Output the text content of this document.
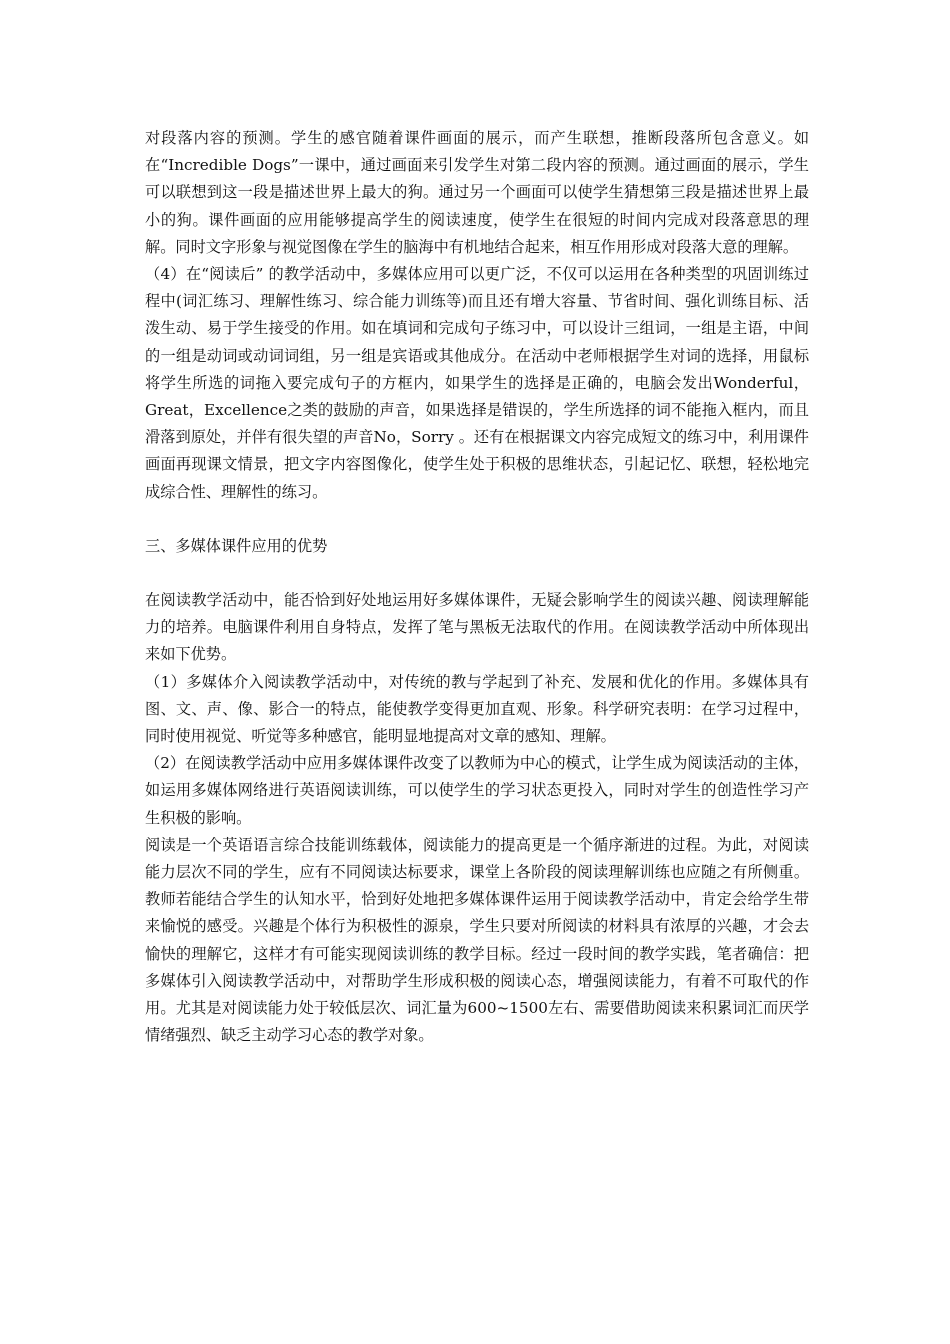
对段落内容的预测。学生的感官随着课件画面的展示，而产生联想，推断段落所包含意义。如在“Incredible Dogs”一课中，通过画面来引发学生对第二段内容的预测。通过画面的展示，学生可以联想到这一段是描述世界上最大的狗。通过另一个画面可以使学生猜想第三段是描述世界上最小的狗。课件画面的应用能够提高学生的阅读速度，使学生在很短的时间内完成对段落意思的理解。同时文字形象与视觉图像在学生的脑海中有机地结合起来，相互作用形成对段落大意的理解。

（4）在“阅读后” 的教学活动中，多媒体应用可以更广泛，不仅可以运用在各种类型的巩固训练过程中(词汇练习、理解性练习、综合能力训练等)而且还有增大容量、节省时间、强化训练目标、活泼生动、易于学生接受的作用。如在填词和完成句子练习中，可以设计三组词，一组是主语，中间的一组是动词或动词词组，另一组是宾语或其他成分。在活动中老师根据学生对词的选择，用鼠标将学生所选的词拖入要完成句子的方框内，如果学生的选择是正确的，电脑会发出Wonderful，Great，Excellence之类的鼓励的声音，如果选择是错误的，学生所选择的词不能拖入框内，而且滑落到原处，并伴有很失望的声音No，Sorry 。还有在根据课文内容完成短文的练习中，利用课件画面再现课文情景，把文字内容图像化，使学生处于积极的思维状态，引起记忆、联想，轻松地完成综合性、理解性的练习。

三、多媒体课件应用的优势

在阅读教学活动中，能否恰到好处地运用好多媒体课件，无疑会影响学生的阅读兴趣、阅读理解能力的培养。电脑课件利用自身特点，发挥了笔与黑板无法取代的作用。在阅读教学活动中所体现出来如下优势。

（1）多媒体介入阅读教学活动中，对传统的教与学起到了补充、发展和优化的作用。多媒体具有图、文、声、像、影合一的特点，能使教学变得更加直观、形象。科学研究表明：在学习过程中，同时使用视觉、听觉等多种感官，能明显地提高对文章的感知、理解。

（2）在阅读教学活动中应用多媒体课件改变了以教师为中心的模式，让学生成为阅读活动的主体，如运用多媒体网络进行英语阅读训练，可以使学生的学习状态更投入，同时对学生的创造性学习产生积极的影响。

阅读是一个英语语言综合技能训练载体，阅读能力的提高更是一个循序渐进的过程。为此，对阅读能力层次不同的学生，应有不同阅读达标要求，课堂上各阶段的阅读理解训练也应随之有所侧重。教师若能结合学生的认知水平，恰到好处地把多媒体课件运用于阅读教学活动中，肯定会给学生带来愉悦的感受。兴趣是个体行为积极性的源泉，学生只要对所阅读的材料具有浓厚的兴趣，才会去愉快的理解它，这样才有可能实现阅读训练的教学目标。经过一段时间的教学实践，笔者确信：把多媒体引入阅读教学活动中，对帮助学生形成积极的阅读心态，增强阅读能力，有着不可取代的作用。尤其是对阅读能力处于较低层次、词汇量为600~1500左右、需要借助阅读来积累词汇而厌学情绪强烈、缺乏主动学习心态的教学对象。
